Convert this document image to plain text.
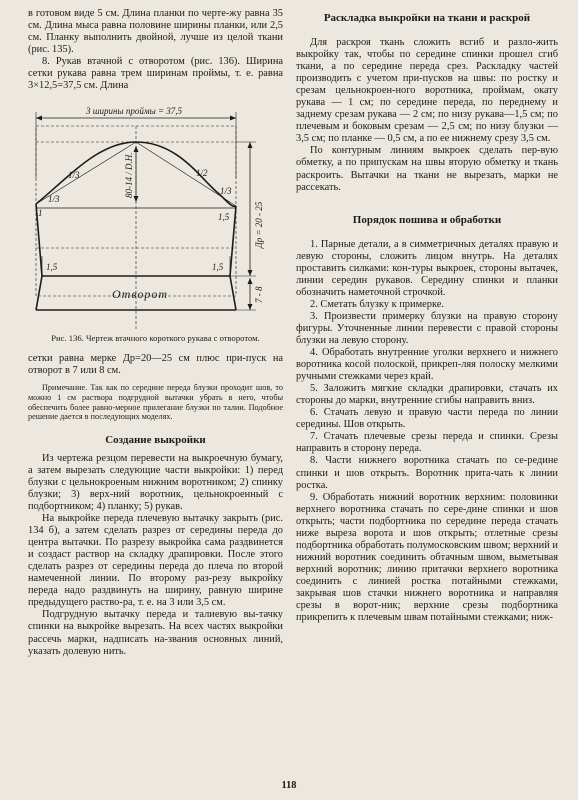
в готовом виде 5 см. Длина планки по черте-жу равна 35 см. Длина мыса равна половине ширины планки, или 2,5 см. Планку выполнить двойной, лучше из целой ткани (рис. 135).

8. Рукав втачной с отворотом (рис. 136). Ширина сетки рукава равна трем ширинам проймы, т. е. равна 3×12,5=37,5 см. Длина

3 ширины проймы = 37,5
1/3
1/3
1
1/2
1/3
1,5
80-14 / D.H.
Др = 20 - 25
1,5	1,5
Отворот	7 - 8

Рис. 136. Чертеж втачного короткого рукава с отворотом.

сетки равна мерке Др=20—25 см плюс при-пуск на отворот в 7 или 8 см.

Примечание. Так как по середине переда блузки проходит шов, то можно 1 см раствора подгрудной вытачки убрать в него, чтобы обеспечить более равно-мерное прилегание блузки по талии. Подобное решение дается в последующих моделях.

Создание выкройки

Из чертежа резцом перевести на выкроечную бумагу, а затем вырезать следующие части выкройки: 1) перед блузки с цельнокроеным нижним воротником; 2) спинку блузки; 3) верх-ний воротник, цельнокроенный с подбортником; 4) планку; 5) рукав.

На выкройке переда плечевую вытачку закрыть (рис. 134 б), а затем сделать разрез от середины переда до центра вытачки. По разрезу выкройка сама раздвинется и создаст раствор на складку драпировки. После этого сделать разрез от середины переда до плеча по второй намеченной линии. По второму раз-резу выкройку переда надо раздвинуть на ширину, равную ширине предыдущего раство-ра, т. е. на 3 или 3,5 см.

Подгрудную вытачку переда и талиевую вы-тачку спинки на выкройке вырезать. На всех частях выкройки рассечь марки, надписать на-звания основных линий, указать долевую нить.

Раскладка выкройки на ткани и раскрой

Для раскроя ткань сложить всгиб и разло-жить выкройку так, чтобы по середине спинки прошел сгиб ткани, а по середине переда срез. Раскладку частей производить с учетом при-пусков на швы: по ростку и срезам цельнокроен-ного воротника, проймам, окату рукава — 1 см; по середине переда, по переднему и заднему срезам рукава — 2 см; по низу рукава—1,5 см; по плечевым и боковым срезам — 2,5 см; по низу блузки — 3,5 см; по планке — 0,5 см, а по ее нижнему срезу 3,5 см.

По контурным линиям выкроек сделать пер-вую обметку, а по припускам на швы вторую обметку и ткань раскроить. Вытачки на ткани не вырезать, марки не рассекать.

Порядок пошива и обработки

1. Парные детали, а в симметричных деталях правую и левую стороны, сложить лицом внутрь. На деталях проставить силками: кон-туры выкроек, стороны вытачек, линии середин рукавов. Середину спинки и планки обозначить наметочной строчкой.

2. Сметать блузку к примерке.

3. Произвести примерку блузки на правую сторону фигуры. Уточненные линии перевести с правой стороны блузки на левую сторону.

4. Обработать внутренние уголки верхнего и нижнего воротника косой полоской, прикреп-ляя полоску мелкими ручными стежками через край.

5. Заложить мягкие складки драпировки, стачать их стороны до марки, внутренние сгибы направить вниз.

6. Стачать левую и правую части переда по линии середины. Шов открыть.

7. Стачать плечевые срезы переда и спинки. Срезы направить в сторону переда.

8. Части нижнего воротника стачать по се-редине спинки и шов открыть. Воротник прита-чать к линии ростка.

9. Обработать нижний воротник верхним: половинки верхнего воротника стачать по сере-дине спинки и шов открыть; части подбортника по середине переда стачать ниже выреза ворота и шов открыть; отлетные срезы подбортника обработать полумосковским швом; верхний и нижний воротник соединить обтачным швом, выметывая верхний воротник; линию притачки верхнего воротника соединить с линией ростка потайными стежками, закрывая шов стачки нижнего воротника и направляя срезы в ворот-ник; верхние срезы подбортника прикрепить к плечевым швам потайными стежками; ниж-

118
